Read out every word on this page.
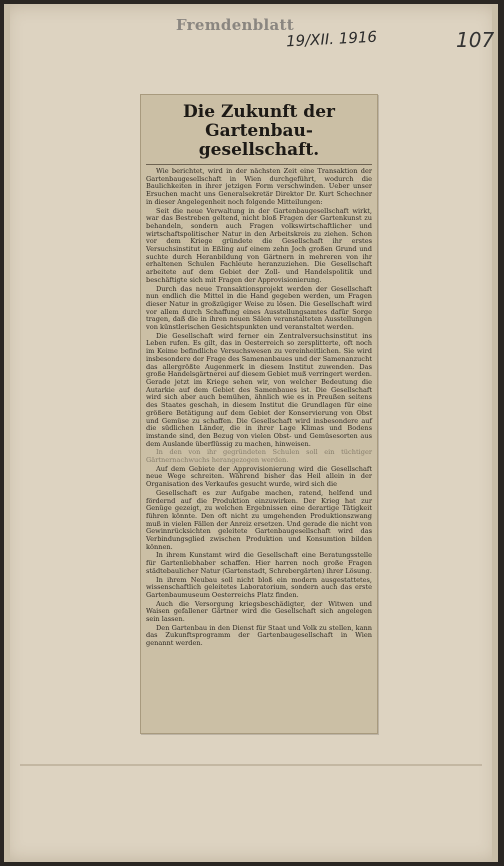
Fremdenblatt
19/XII. 1916	107
Die Zukunft der Gartenbau-gesellschaft.

Wie berichtet, wird in der nächsten Zeit eine Transaktion der Gartenbaugesellschaft in Wien durchgeführt, wodurch die Baulichkeiten in ihrer jetzigen Form verschwinden. Ueber unser Ersuchen macht uns Generalsekretär Direktor Dr. Kurt Schechner in dieser Angelegenheit noch folgende Mitteilungen:

Seit die neue Verwaltung in der Gartenbaugesellschaft wirkt, war das Bestreben geltend, nicht bloß Fragen der Gartenkunst zu behandeln, sondern auch Fragen volkswirtschaftlicher und wirtschaftspolitischer Natur in den Arbeitskreis zu ziehen. Schon vor dem Kriege gründete die Gesellschaft ihr erstes Versuchsinstitut in Eßling auf einem zehn Joch großen Grund und suchte durch Heranbildung von Gärtnern in mehreren von ihr erhaltenen Schulen Fachleute heranzuziehen. Die Gesellschaft arbeitete auf dem Gebiet der Zoll- und Handelspolitik und beschäftigte sich mit Fragen der Approvisionierung.

Durch das neue Transaktionsprojekt werden der Gesellschaft nun endlich die Mittel in die Hand gegeben werden, um Fragen dieser Natur in großzügiger Weise zu lösen. Die Gesellschaft wird vor allem durch Schaffung eines Ausstellungsamtes dafür Sorge tragen, daß die in ihren neuen Sälen veranstalteten Ausstellungen von künstlerischen Gesichtspunkten und veranstaltet werden.

Die Gesellschaft wird ferner ein Zentralversuchsinstitut ins Leben rufen. Es gilt, das in Oesterreich so zersplitterte, oft noch im Keime befindliche Versuchswesen zu vereinheitlichen. Sie wird insbesondere der Frage des Samenanbaues und der Samenanzucht das allergrößte Augenmerk in diesem Institut zuwenden. Das große Handelsgärtnerei auf diesem Gebiet muß verringert werden. Gerade jetzt im Kriege sehen wir, von welcher Bedeutung die Autarkie auf dem Gebiet des Samenbaues ist. Die Gesellschaft wird sich aber auch bemühen, ähnlich wie es in Preußen seitens des Staates geschah, in diesem Institut die Grundlagen für eine größere Betätigung auf dem Gebiet der Konservierung von Obst und Gemüse zu schaffen. Die Gesellschaft wird insbesondere auf die südlichen Länder, die in ihrer Lage Klimas und Bodens imstande sind, den Bezug von vielen Obst- und Gemüsesorten aus dem Auslande überflüssig zu machen, hinweisen.

In den von ihr gegründeten Schulen soll ein tüchtiger Gärtnernachwuchs herangezogen werden.

Auf dem Gebiete der Approvisionierung wird die Gesellschaft neue Wege schreiten. Während bisher das Heil allein in der Organisation des Verkaufes gesucht wurde, wird sich die

Gesellschaft es zur Aufgabe machen, ratend, helfend und fördernd auf die Produktion einzuwirken. Der Krieg hat zur Genüge gezeigt, zu welchen Ergebnissen eine derartige Tätigkeit führen könnte. Den oft nicht zu umgehenden Produktionszwang muß in vielen Fällen der Anreiz ersetzen. Und gerade die nicht von Gewinnrücksichten geleitete Gartenbaugesellschaft wird das Verbindungsglied zwischen Produktion und Konsumtion bilden können.

In ihrem Kunstamt wird die Gesellschaft eine Beratungsstelle für Gartenliebhaber schaffen. Hier harren noch große Fragen städtebaulicher Natur (Gartenstadt, Schrebergärten) ihrer Lösung.

In ihrem Neubau soll nicht bloß ein modern ausgestattetes, wissenschaftlich geleitetes Laboratorium, sondern auch das erste Gartenbaumuseum Oesterreichs Platz finden.

Auch die Versorgung kriegsbeschädigter, der Witwen und Waisen gefallener Gärtner wird die Gesellschaft sich angelegen sein lassen.

Den Gartenbau in den Dienst für Staat und Volk zu stellen, kann das Zukunftsprogramm der Gartenbaugesellschaft in Wien genannt werden.
